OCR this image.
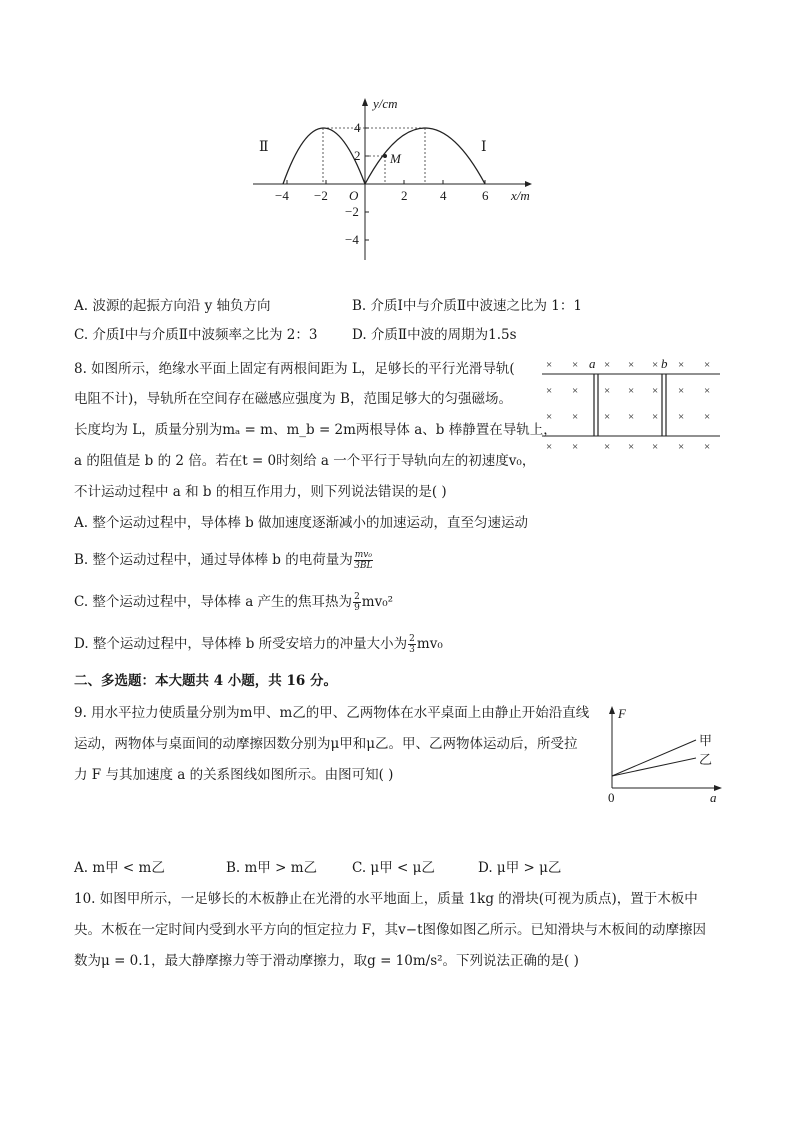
y/cm
x/m
O
−4 −2	2	4	6
2
4
−2
−4
Ⅱ	Ⅰ
M
A. 波源的起振方向沿 y 轴负方向	B. 介质Ⅰ中与介质Ⅱ中波速之比为 1：1
C. 介质Ⅰ中与介质Ⅱ中波频率之比为 2：3	D. 介质Ⅱ中波的周期为1.5s
8. 如图所示，绝缘水平面上固定有两根间距为 L，足够长的平行光滑导轨(
电阻不计)，导轨所在空间存在磁感应强度为 B，范围足够大的匀强磁场。
长度均为 L，质量分别为mₐ = m、m_b = 2m两根导体 a、b 棒静置在导轨上，
a 的阻值是 b 的 2 倍。若在t = 0时刻给 a 一个平行于导轨向左的初速度v₀，
不计运动过程中 a 和 b 的相互作用力，则下列说法错误的是( )
a	b
× × × × × × ×
× × × × × × ×
× × × × × × ×
× × × × × × ×
A. 整个运动过程中，导体棒 b 做加速度逐渐减小的加速运动，直至匀速运动
B. 整个运动过程中，通过导体棒 b 的电荷量为 $\frac{\text{mv₀}}{3BL}$
C. 整个运动过程中，导体棒 a 产生的焦耳热为 $\frac{2}{9} mv_0^2$
D. 整个运动过程中，导体棒 b 所受安培力的冲量大小为 $\frac{2}{3} mv_0$
二、多选题：本大题共 4 小题，共 16 分。
9. 用水平拉力使质量分别为m甲、m乙的甲、乙两物体在水平桌面上由静止开始沿直线
运动，两物体与桌面间的动摩擦因数分别为μ甲和μ乙。甲、乙两物体运动后，所受拉
力 F 与其加速度 a 的关系图线如图所示。由图可知( )
F
a
0
甲
乙
A. m甲 < m乙	B. m甲 > m乙	C. μ甲 < μ乙	D. μ甲 > μ乙
10. 如图甲所示，一足够长的木板静止在光滑的水平地面上，质量 1kg 的滑块(可视为质点)，置于木板中
央。木板在一定时间内受到水平方向的恒定拉力 F，其v−t图像如图乙所示。已知滑块与木板间的动摩擦因
数为μ = 0.1，最大静摩擦力等于滑动摩擦力，取g = 10m/s²。下列说法正确的是( )
